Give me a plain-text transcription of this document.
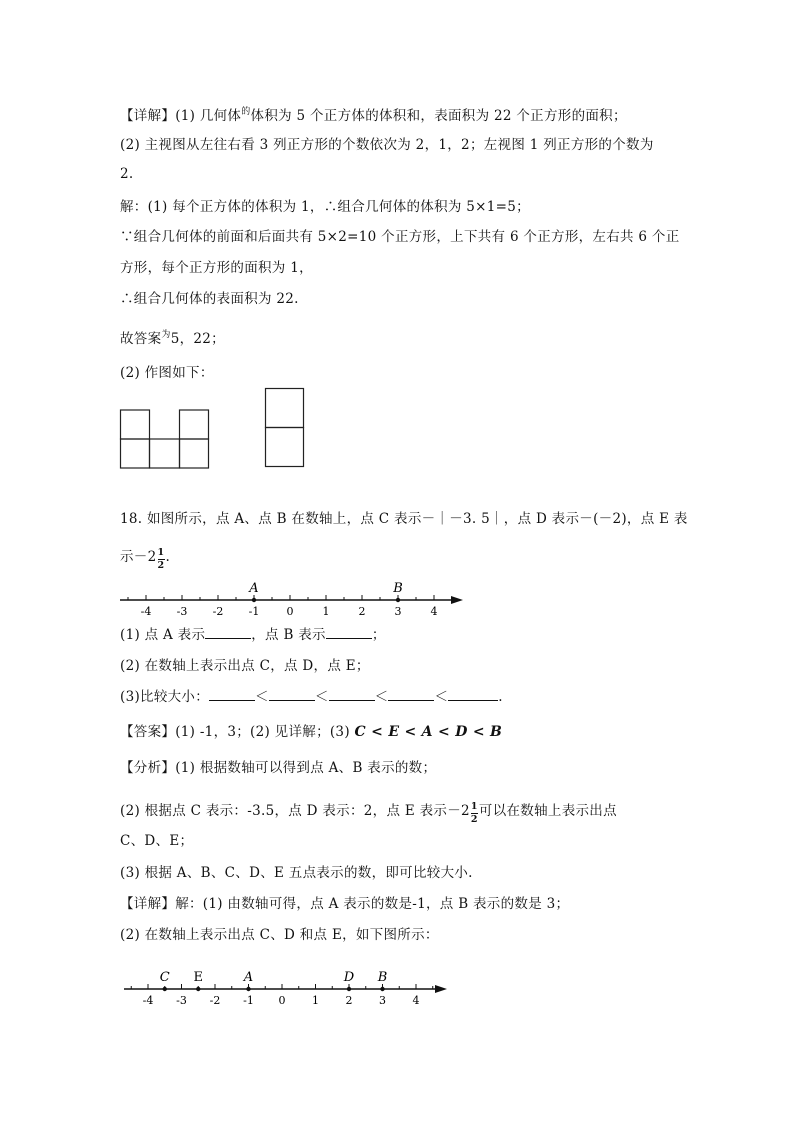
【详解】(1) 几何体$^的$体积为 5 个正方体的体积和，表面积为 22 个正方形的面积；
(2) 主视图从左往右看 3 列正方形的个数依次为 2，1，2；左视图 1 列正方形的个数为
2.
解：(1) 每个正方体的体积为 1，∴组合几何体的体积为 5×1=5；
∵组合几何体的前面和后面共有 5×2=10 个正方形，上下共有 6 个正方形，左右共 6 个正
方形，每个正方形的面积为 1，
∴组合几何体的表面积为 22.
故答案$^为$5，22；
(2) 作图如下：
18. 如图所示，点 A、点 B 在数轴上，点 C 表示－｜－3. 5｜，点 D 表示－(－2)，点 E 表
示$-2 \frac{1}{2}$ .
-4 -3 -2 -1 0	1	2	3	4
A	B
(1) 点 A 表示	，点 B 表示	；
(2) 在数轴上表示出点 C，点 D，点 E；
(3)比较大小：	＜	＜	＜	＜	.
【答案】(1) -1，3；(2) 见详解；(3) C < E < A < D < B
【分析】(1) 根据数轴可以得到点 A、B 表示的数；
(2) 根据点 C 表示：-3.5，点 D 表示：2，点 E 表示$-2 \frac{1}{2}$ 可以在数轴上表示出点
C、D、E；
(3) 根据 A、B、C、D、E 五点表示的数，即可比较大小.
【详解】解：(1) 由数轴可得，点 A 表示的数是-1，点 B 表示的数是 3；
(2) 在数轴上表示出点 C、D 和点 E，如下图所示：
-4 -3 -2 -1 0 1 2 3 4
C E	A	D B
